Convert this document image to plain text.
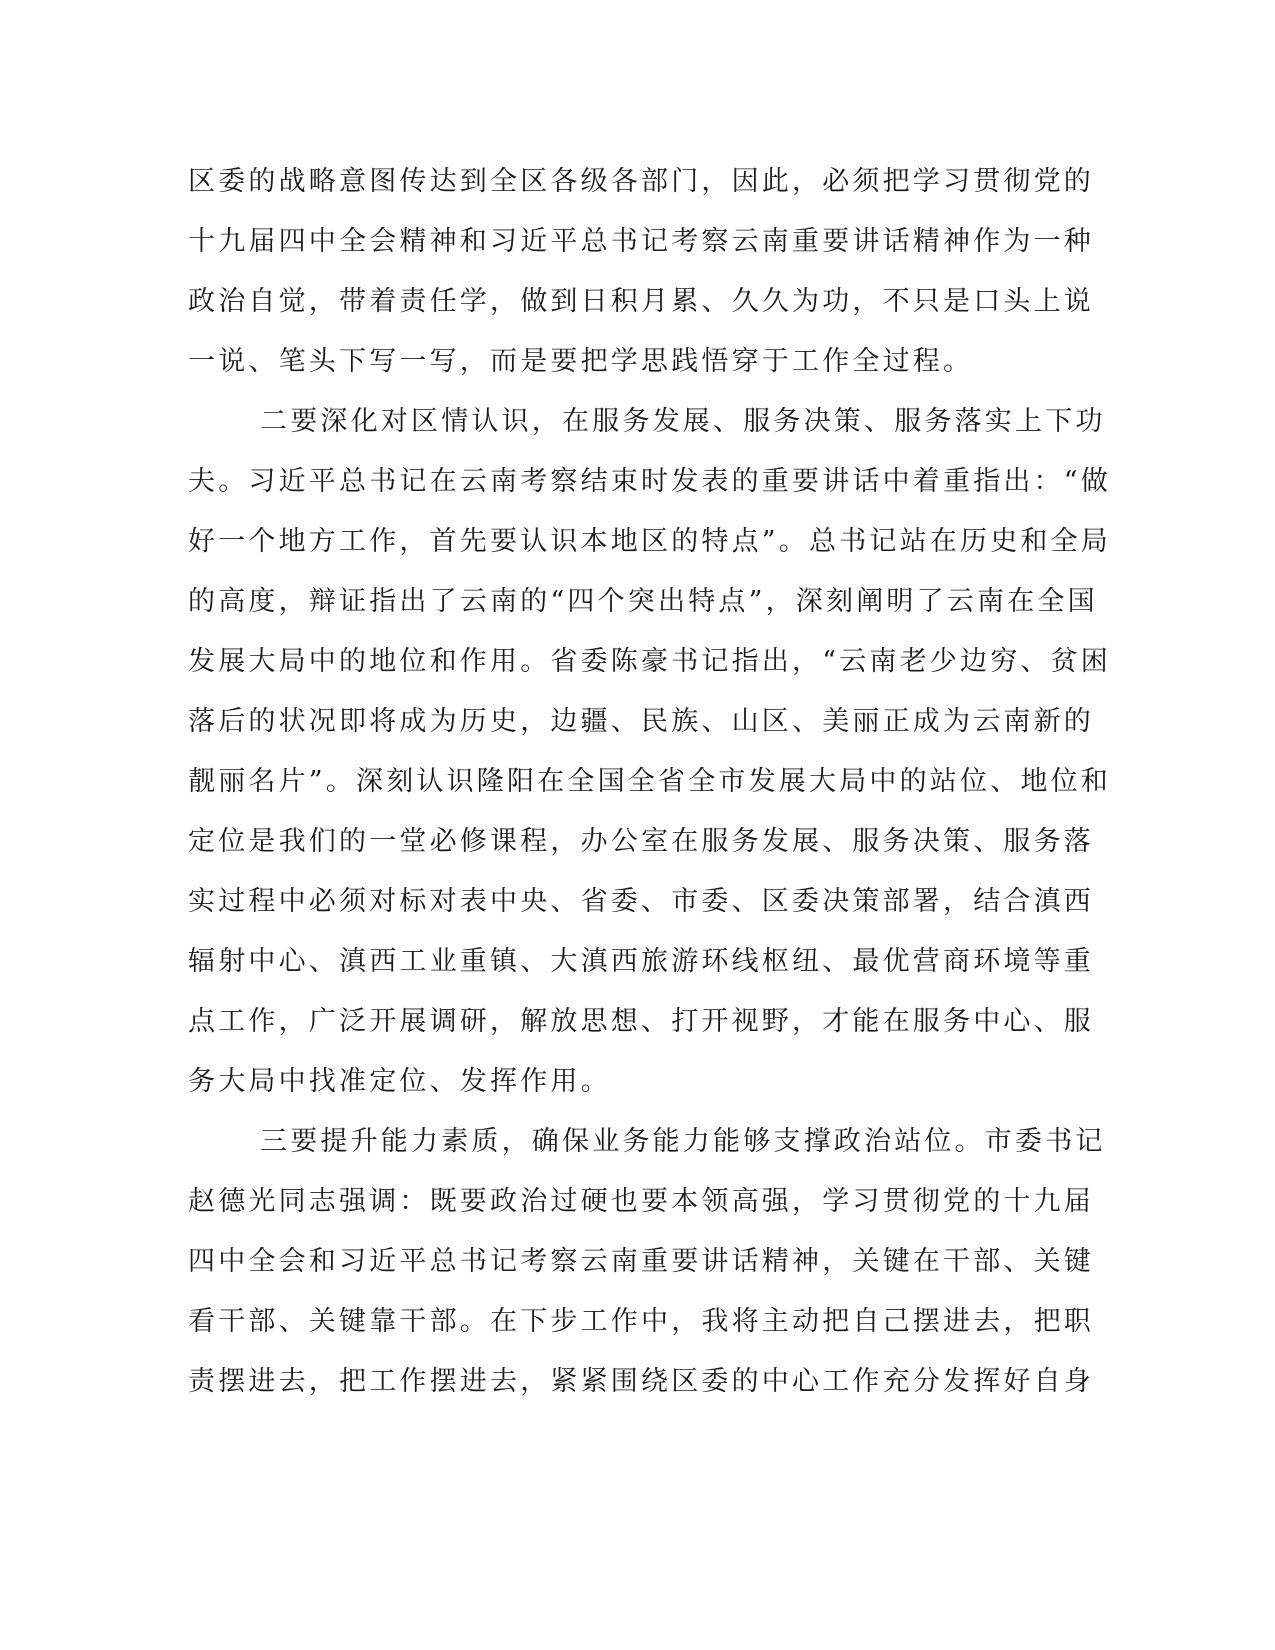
区委的战略意图传达到全区各级各部门，因此，必须把学习贯彻党的
十九届四中全会精神和习近平总书记考察云南重要讲话精神作为一种
政治自觉，带着责任学，做到日积月累、久久为功，不只是口头上说
一说、笔头下写一写，而是要把学思践悟穿于工作全过程。
二要深化对区情认识，在服务发展、服务决策、服务落实上下功
夫。习近平总书记在云南考察结束时发表的重要讲话中着重指出：“做
好一个地方工作，首先要认识本地区的特点”。总书记站在历史和全局
的高度，辩证指出了云南的“四个突出特点”，深刻阐明了云南在全国
发展大局中的地位和作用。省委陈豪书记指出，“云南老少边穷、贫困
落后的状况即将成为历史，边疆、民族、山区、美丽正成为云南新的
靓丽名片”。深刻认识隆阳在全国全省全市发展大局中的站位、地位和
定位是我们的一堂必修课程，办公室在服务发展、服务决策、服务落
实过程中必须对标对表中央、省委、市委、区委决策部署，结合滇西
辐射中心、滇西工业重镇、大滇西旅游环线枢纽、最优营商环境等重
点工作，广泛开展调研，解放思想、打开视野，才能在服务中心、服
务大局中找准定位、发挥作用。
三要提升能力素质，确保业务能力能够支撑政治站位。市委书记
赵德光同志强调：既要政治过硬也要本领高强，学习贯彻党的十九届
四中全会和习近平总书记考察云南重要讲话精神，关键在干部、关键
看干部、关键靠干部。在下步工作中，我将主动把自己摆进去，把职
责摆进去，把工作摆进去，紧紧围绕区委的中心工作充分发挥好自身
